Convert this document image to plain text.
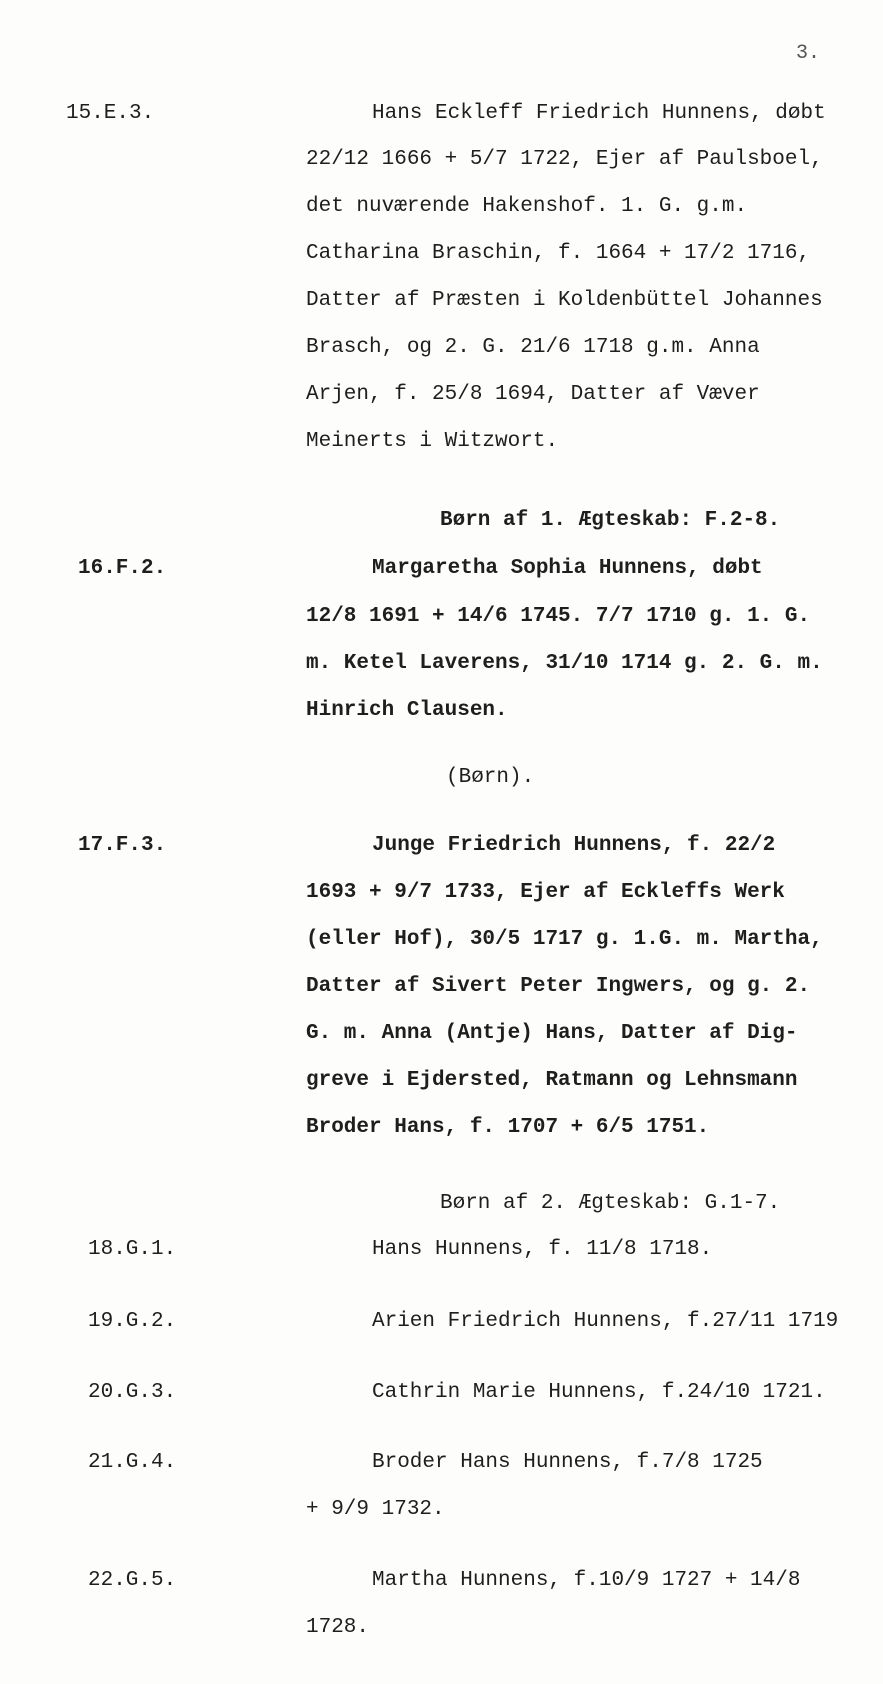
3.
15.E.3.	Hans Eckleff Friedrich Hunnens, døbt
22/12 1666 + 5/7 1722, Ejer af Paulsboel,
det nuværende Hakenshof. 1. G. g.m.
Catharina Braschin, f. 1664 + 17/2 1716,
Datter af Præsten i Koldenbüttel Johannes
Brasch, og 2. G. 21/6 1718 g.m. Anna
Arjen, f. 25/8 1694, Datter af Væver
Meinerts i Witzwort.
Børn af 1. Ægteskab: F.2-8.
16.F.2.	Margaretha Sophia Hunnens, døbt
12/8 1691 + 14/6 1745. 7/7 1710 g. 1. G.
m. Ketel Laverens, 31/10 1714 g. 2. G. m.
Hinrich Clausen.
(Børn).
17.F.3.	Junge Friedrich Hunnens, f. 22/2
1693 + 9/7 1733, Ejer af Eckleffs Werk
(eller Hof), 30/5 1717 g. 1.G. m. Martha,
Datter af Sivert Peter Ingwers, og g. 2.
G. m. Anna (Antje) Hans, Datter af Dig-
greve i Ejdersted, Ratmann og Lehnsmann
Broder Hans, f. 1707 + 6/5 1751.
Børn af 2. Ægteskab: G.1-7.
18.G.1.	Hans Hunnens, f. 11/8 1718.
19.G.2.	Arien Friedrich Hunnens, f.27/11 1719
20.G.3.	Cathrin Marie Hunnens, f.24/10 1721.
21.G.4.	Broder Hans Hunnens, f.7/8 1725
+ 9/9 1732.
22.G.5.	Martha Hunnens, f.10/9 1727 + 14/8
1728.
